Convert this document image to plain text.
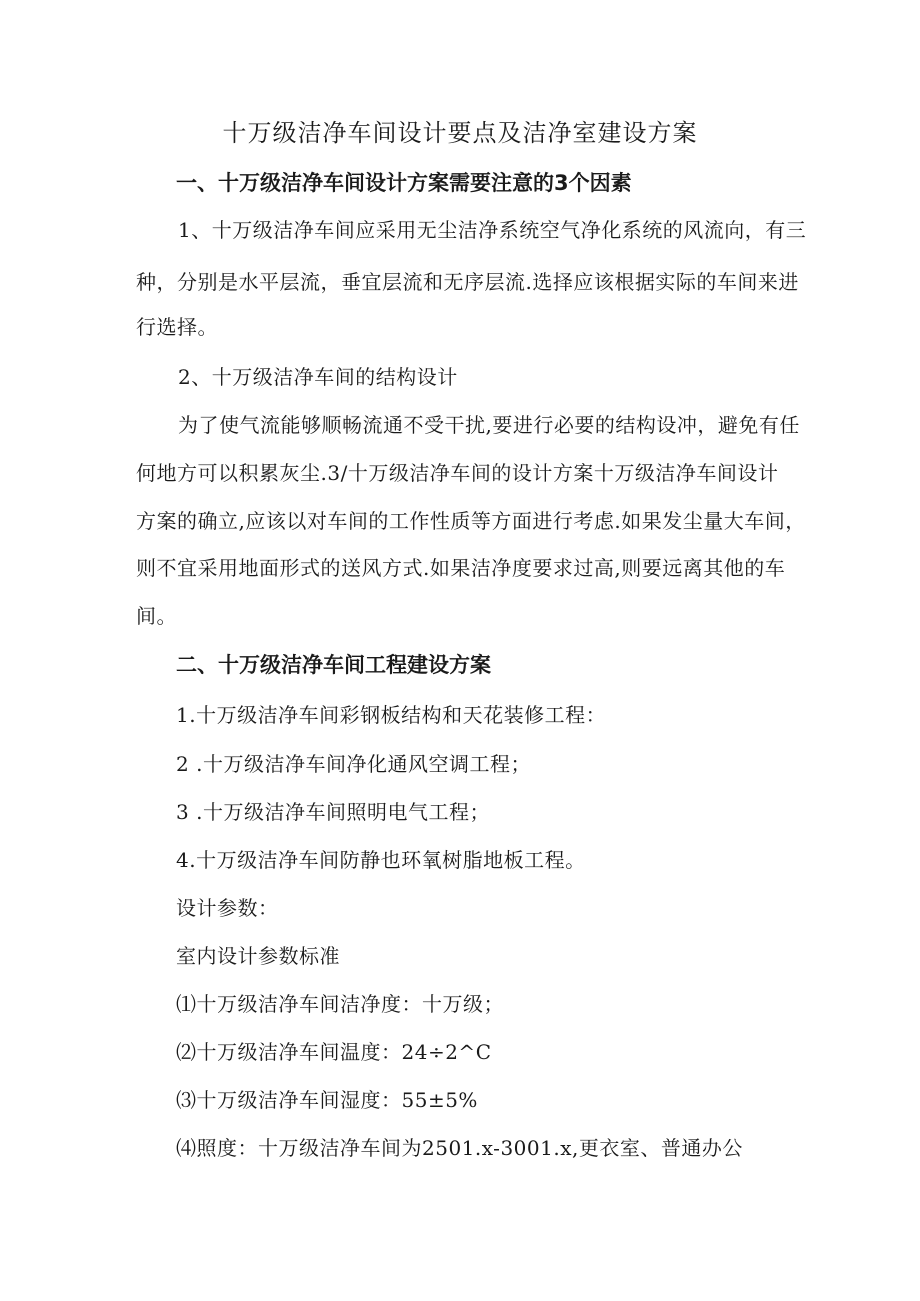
十万级洁净车间设计要点及洁净室建设方案
一、十万级洁净车间设计方案需要注意的3个因素
1、十万级洁净车间应采用无尘洁净系统空气净化系统的风流向，有三
种，分别是水平层流，垂宜层流和无序层流.选择应该根据实际的车间来进
行选择。
2、十万级洁净车间的结构设计
为了使气流能够顺畅流通不受干扰,要进行必要的结构设冲，避免有任
何地方可以积累灰尘.3/十万级洁净车间的设计方案十万级洁净车间设计
方案的确立,应该以对车间的工作性质等方面进行考虑.如果发尘量大车间，
则不宜采用地面形式的送风方式.如果洁净度要求过高,则要远离其他的车
间。
二、十万级洁净车间工程建设方案
1.十万级洁净车间彩钢板结构和天花装修工程：
2 .十万级洁净车间净化通风空调工程；
3 .十万级洁净车间照明电气工程；
4.十万级洁净车间防静也环氧树脂地板工程。
设计参数：
室内设计参数标准
⑴十万级洁净车间洁净度：十万级；
⑵十万级洁净车间温度：24÷2^C
⑶十万级洁净车间湿度：55±5%
⑷照度：十万级洁净车间为2501.x-3001.x,更衣室、普通办公
